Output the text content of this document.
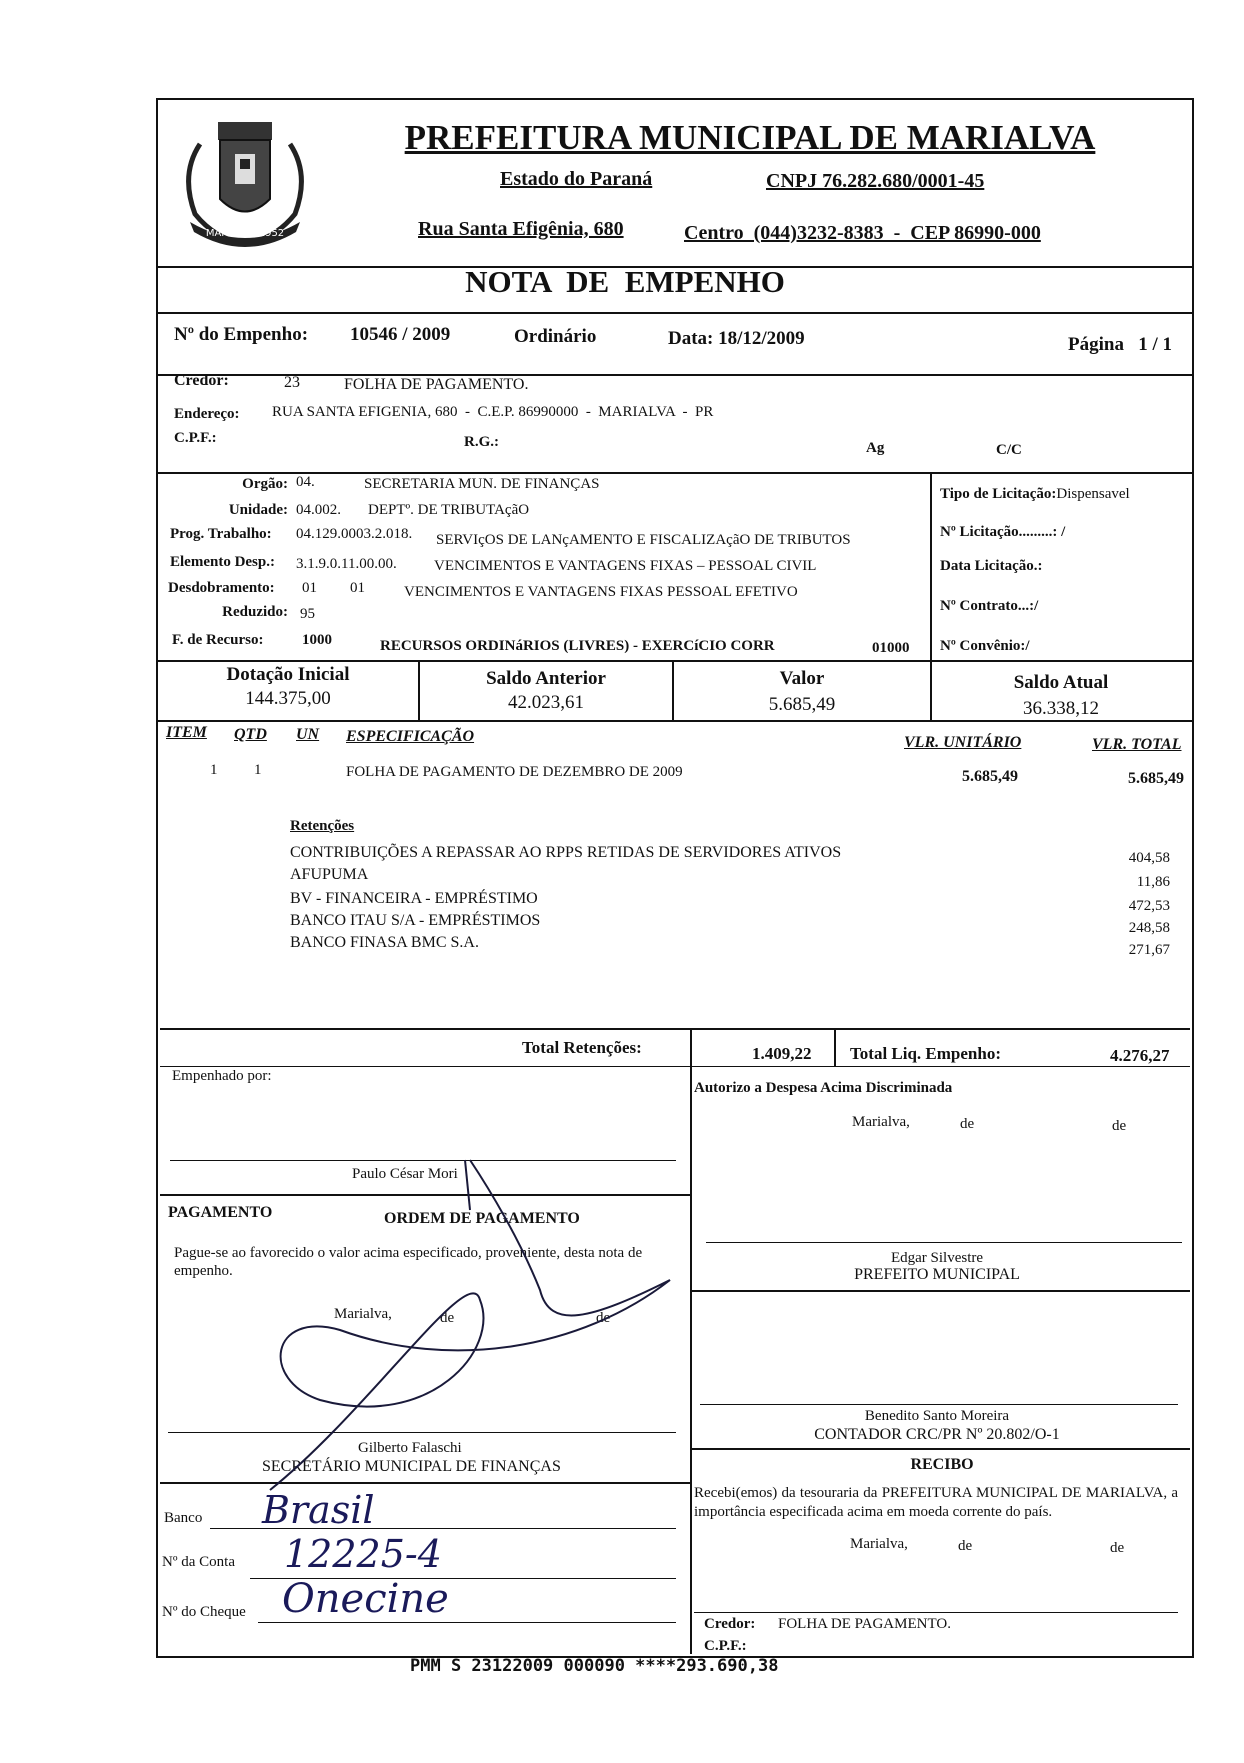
MARIALVA 1952
PREFEITURA MUNICIPAL DE MARIALVA
Estado do Paraná	CNPJ 76.282.680/0001-45
Rua Santa Efigênia, 680	Centro  (044)3232-8383  -  CEP 86990-000
NOTA  DE  EMPENHO
Nº do Empenho: 10546 / 2009	Ordinário	Data: 18/12/2009	Página   1 / 1
Credor:	23	FOLHA DE PAGAMENTO.
Endereço: RUA SANTA EFIGENIA, 680  -  C.E.P. 86990000  -  MARIALVA  -  PR
C.P.F.:	R.G.:	Ag	C/C
Orgão: 04.	SECRETARIA MUN. DE FINANÇAS
Unidade: 04.002. DEPTº. DE TRIBUTAçãO
Prog. Trabalho: 04.129.0003.2.018. SERVIçOS DE LANçAMENTO E FISCALIZAçãO DE TRIBUTOS
Elemento Desp.: 3.1.9.0.11.00.00. VENCIMENTOS E VANTAGENS FIXAS – PESSOAL CIVIL
Desdobramento: 01 01	VENCIMENTOS E VANTAGENS FIXAS PESSOAL EFETIVO
Reduzido: 95
F. de Recurso:	1000	RECURSOS ORDINáRIOS (LIVRES) - EXERCíCIO CORR	01000
Tipo de Licitação:Dispensavel
Nº Licitação.........: /
Data Licitação.:
Nº Contrato...:/
Nº Convênio:/
Dotação Inicial
144.375,00
Saldo Anterior
42.023,61
Valor
5.685,49
Saldo Atual
36.338,12
ITEM QTD UN ESPECIFICAÇÃO	VLR. UNITÁRIO	VLR. TOTAL
1 1	FOLHA DE PAGAMENTO DE DEZEMBRO DE 2009	5.685,49	5.685,49
Retenções
CONTRIBUIÇÕES A REPASSAR AO RPPS RETIDAS DE SERVIDORES ATIVOS	404,58
AFUPUMA	11,86
BV - FINANCEIRA - EMPRÉSTIMO	472,53
BANCO ITAU S/A - EMPRÉSTIMOS	248,58
BANCO FINASA BMC S.A.	271,67
Total Retenções:	1.409,22 Total Liq. Empenho:	4.276,27
Empenhado por:
Paulo César Mori
PAGAMENTO	ORDEM DE PAGAMENTO
Pague-se ao favorecido o valor acima especificado, proveniente, desta nota de empenho.
Marialva,	de	de
Gilberto Falaschi
SECRETÁRIO MUNICIPAL DE FINANÇAS
Banco Brasil
Nº da Conta 12225-4
Nº do Cheque Onecine
Autorizo a Despesa Acima Discriminada
Marialva,	de	de
Edgar Silvestre
PREFEITO MUNICIPAL
Benedito Santo Moreira
CONTADOR CRC/PR Nº 20.802/O-1
RECIBO
Recebi(emos) da tesouraria da PREFEITURA MUNICIPAL DE MARIALVA, a importância especificada acima em moeda corrente do país.
Marialva,	de	de
Credor: FOLHA DE PAGAMENTO.
C.P.F.:
PMM S 23122009 000090 ****293.690,38
